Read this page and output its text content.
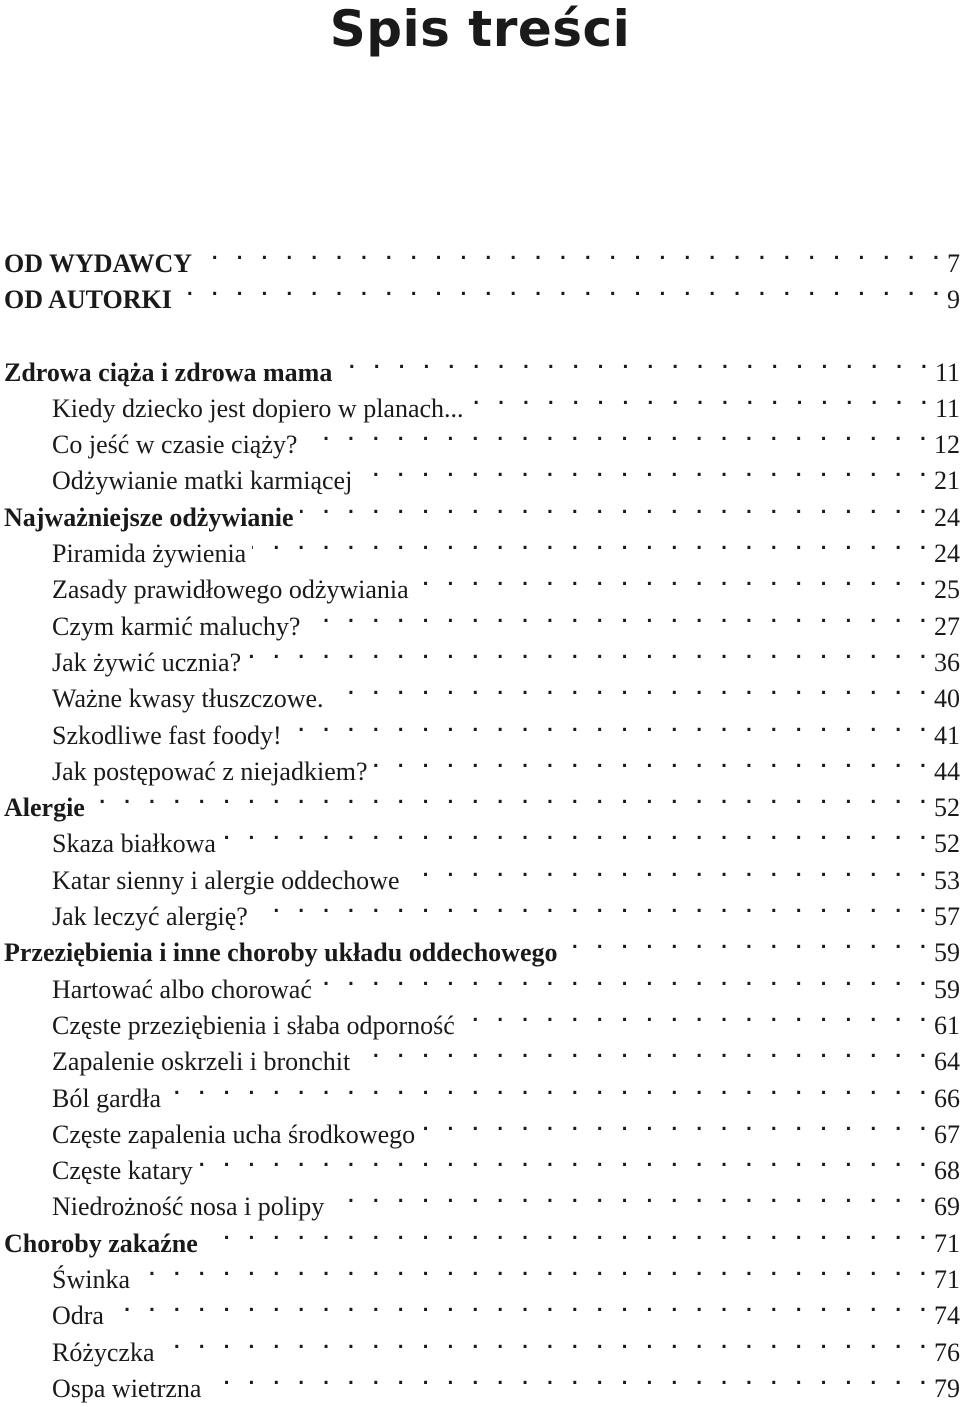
Spis treści
OD WYDAWCY . . .	7
OD AUTORKI . . .	9
Zdrowa ciąża i zdrowa mama . . .	11
Kiedy dziecko jest dopiero w planach... . . .	11
Co jeść w czasie ciąży? . . .	12
Odżywianie matki karmiącej . . .	21
Najważniejsze odżywianie . . .	24
Piramida żywienia . . .	24
Zasady prawidłowego odżywiania . . .	25
Czym karmić maluchy? . . .	27
Jak żywić ucznia? . . .	36
Ważne kwasy tłuszczowe. . . .	40
Szkodliwe fast foody! . . .	41
Jak postępować z niejadkiem? . . .	44
Alergie . . .	52
Skaza białkowa . . .	52
Katar sienny i alergie oddechowe . . .	53
Jak leczyć alergię? . . .	57
Przeziębienia i inne choroby układu oddechowego . . .	59
Hartować albo chorować . . .	59
Częste przeziębienia i słaba odporność . . .	61
Zapalenie oskrzeli i bronchit . . .	64
Ból gardła . . .	66
Częste zapalenia ucha środkowego . . .	67
Częste katary . . .	68
Niedrożność nosa i polipy . . .	69
Choroby zakaźne . . .	71
Świnka . . .	71
Odra . . .	74
Różyczka . . .	76
Ospa wietrzna . . .	79
